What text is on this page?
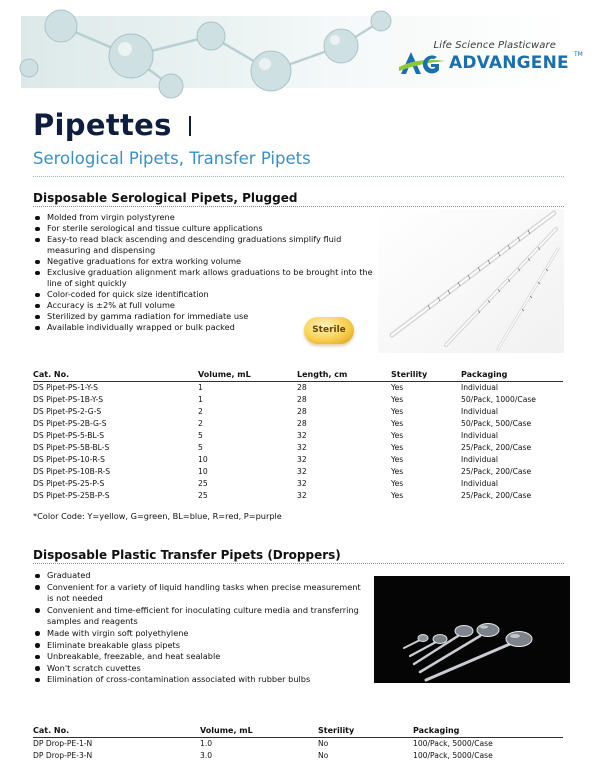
Life Science Plasticware
ADVANGENE TM
Pipettes
Serological Pipets, Transfer Pipets
Disposable Serological Pipets, Plugged
Molded from virgin polystyrene
For sterile serological and tissue culture applications
Easy-to read black ascending and descending graduations simplify fluid measuring and dispensing
Negative graduations for extra working volume
Exclusive graduation alignment mark allows graduations to be brought into the line of sight quickly
Color-coded for quick size identification
Accuracy is ±2% at full volume
Sterilized by gamma radiation for immediate use
Available individually wrapped or bulk packed	Sterile
Cat. No.	Volume, mL	Length, cm	Sterility	Packaging
DS Pipet-PS-1-Y-S	1	28	Yes	Individual
DS Pipet-PS-1B-Y-S	1	28	Yes	50/Pack, 1000/Case
DS Pipet-PS-2-G-S	2	28	Yes	Individual
DS Pipet-PS-2B-G-S	2	28	Yes	50/Pack, 500/Case
DS Pipet-PS-5-BL-S	5	32	Yes	Individual
DS Pipet-PS-5B-BL-S	5	32	Yes	25/Pack, 200/Case
DS Pipet-PS-10-R-S	10	32	Yes	Individual
DS Pipet-PS-10B-R-S	10	32	Yes	25/Pack, 200/Case
DS Pipet-PS-25-P-S	25	32	Yes	Individual
DS Pipet-PS-25B-P-S	25	32	Yes	25/Pack, 200/Case
*Color Code: Y=yellow, G=green, BL=blue, R=red, P=purple
Disposable Plastic Transfer Pipets (Droppers)
Graduated
Convenient for a variety of liquid handling tasks when precise measurement is not needed
Convenient and time-efficient for inoculating culture media and transferring samples and reagents
Made with virgin soft polyethylene
Eliminate breakable glass pipets
Unbreakable, freezable, and heat sealable
Won't scratch cuvettes
Elimination of cross-contamination associated with rubber bulbs
Cat. No.	Volume, mL	Sterility	Packaging
DP Drop-PE-1-N	1.0	No	100/Pack, 5000/Case
DP Drop-PE-3-N	3.0	No	100/Pack, 5000/Case
